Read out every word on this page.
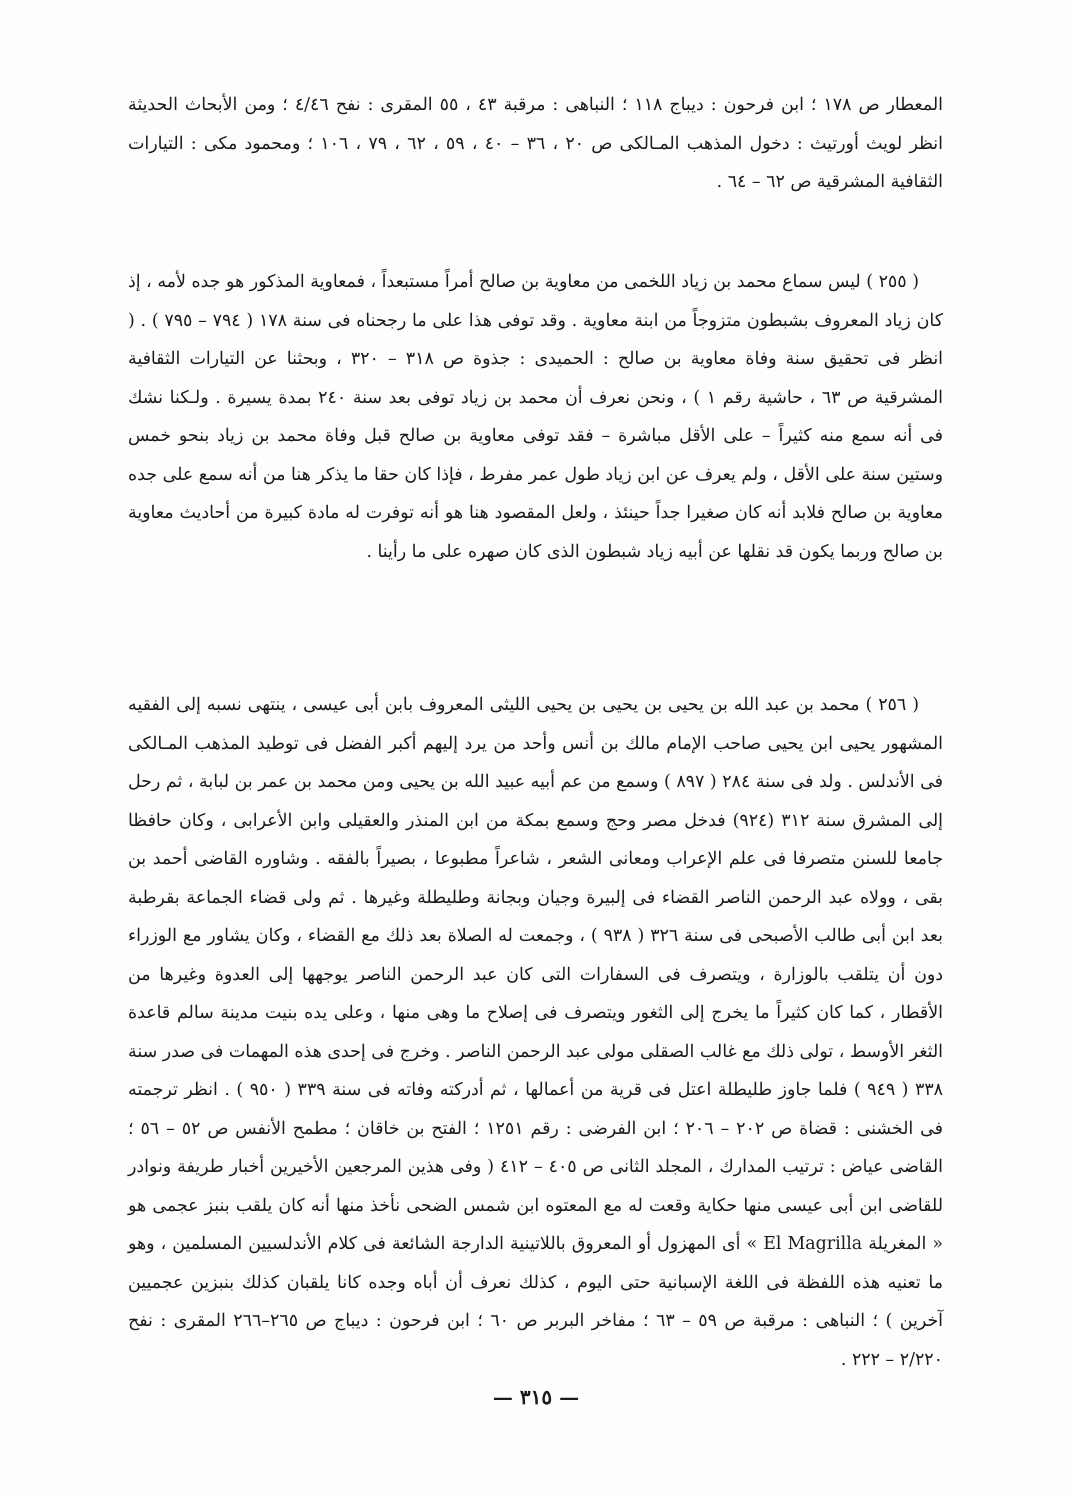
المعطار ص ١٧٨ ؛ ابن فرحون : ديباج ١١٨ ؛ النباهى : مرقبة ٤٣ ، ٥٥ المقرى : نفح ٤/٤٦ ؛ ومن الأبحاث الحديثة انظر لويث أورتيث : دخول المذهب المـالكى ص ٢٠ ، ٣٦ – ٤٠ ، ٥٩ ، ٦٢ ، ٧٩ ، ١٠٦ ؛ ومحمود مكى : التيارات الثقافية المشرقية ص ٦٢ – ٦٤ .

( ٢٥٥ ) ليس سماع محمد بن زياد اللخمى من معاوية بن صالح أمراً مستبعداً ، فمعاوية المذكور هو جده لأمه ، إذ كان زياد المعروف بشبطون متزوجاً من ابنة معاوية . وقد توفى هذا على ما رجحناه فى سنة ١٧٨ ( ٧٩٤ – ٧٩٥ ) . ( انظر فى تحقيق سنة وفاة معاوية بن صالح : الحميدى : جذوة ص ٣١٨ – ٣٢٠ ، وبحثنا عن التيارات الثقافية المشرقية ص ٦٣ ، حاشية رقم ١ ) ، ونحن نعرف أن محمد بن زياد توفى بعد سنة ٢٤٠ بمدة يسيرة . ولـكنا نشك فى أنه سمع منه كثيراً – على الأقل مباشرة – فقد توفى معاوية بن صالح قبل وفاة محمد بن زياد بنحو خمس وستين سنة على الأقل ، ولم يعرف عن ابن زياد طول عمر مفرط ، فإذا كان حقا ما يذكر هنا من أنه سمع على جده معاوية بن صالح فلابد أنه كان صغيرا جداً حينئذ ، ولعل المقصود هنا هو أنه توفرت له مادة كبيرة من أحاديث معاوية بن صالح وربما يكون قد نقلها عن أبيه زياد شبطون الذى كان صهره على ما رأينا .

( ٢٥٦ ) محمد بن عبد الله بن يحيى بن يحيى بن يحيى الليثى المعروف بابن أبى عيسى ، ينتهى نسبه إلى الفقيه المشهور يحيى ابن يحيى صاحب الإمام مالك بن أنس وأحد من يرد إليهم أكبر الفضل فى توطيد المذهب المـالكى فى الأندلس . ولد فى سنة ٢٨٤ ( ٨٩٧ ) وسمع من عم أبيه عبيد الله بن يحيى ومن محمد بن عمر بن لبابة ، ثم رحل إلى المشرق سنة ٣١٢ (٩٢٤) فدخل مصر وحج وسمع بمكة من ابن المنذر والعقيلى وابن الأعرابى ، وكان حافظا جامعا للسنن متصرفا فى علم الإعراب ومعانى الشعر ، شاعراً مطبوعا ، بصيراً بالفقه . وشاوره القاضى أحمد بن بقى ، وولاه عبد الرحمن الناصر القضاء فى إلبيرة وجيان وبجانة وطليطلة وغيرها . ثم ولى قضاء الجماعة بقرطبة بعد ابن أبى طالب الأصبحى فى سنة ٣٢٦ ( ٩٣٨ ) ، وجمعت له الصلاة بعد ذلك مع القضاء ، وكان يشاور مع الوزراء دون أن يتلقب بالوزارة ، ويتصرف فى السفارات التى كان عبد الرحمن الناصر يوجهها إلى العدوة وغيرها من الأقطار ، كما كان كثيراً ما يخرج إلى الثغور ويتصرف فى إصلاح ما وهى منها ، وعلى يده بنيت مدينة سالم قاعدة الثغر الأوسط ، تولى ذلك مع غالب الصقلى مولى عبد الرحمن الناصر . وخرج فى إحدى هذه المهمات فى صدر سنة ٣٣٨ ( ٩٤٩ ) فلما جاوز طليطلة اعتل فى قرية من أعمالها ، ثم أدركته وفاته فى سنة ٣٣٩ ( ٩٥٠ ) . انظر ترجمته فى الخشنى : قضاة ص ٢٠٢ – ٢٠٦ ؛ ابن الفرضى : رقم ١٢٥١ ؛ الفتح بن خاقان ؛ مطمح الأنفس ص ٥٢ – ٥٦ ؛ القاضى عياض : ترتيب المدارك ، المجلد الثانى ص ٤٠٥ – ٤١٢ ( وفى هذين المرجعين الأخيرين أخبار طريفة ونوادر للقاضى ابن أبى عيسى منها حكاية وقعت له مع المعتوه ابن شمس الضحى نأخذ منها أنه كان يلقب بنبز عجمى هو « المغريلة El Magrilla » أى المهزول أو المعروق باللاتينية الدارجة الشائعة فى كلام الأندلسيين المسلمين ، وهو ما تعنيه هذه اللفظة فى اللغة الإسبانية حتى اليوم ، كذلك نعرف أن أباه وجده كانا يلقبان كذلك بنبزين عجميين آخرين ) ؛ النباهى : مرقبة ص ٥٩ – ٦٣ ؛ مفاخر البربر ص ٦٠ ؛ ابن فرحون : ديباج ص ٢٦٥–٢٦٦ المقرى : نفح ٢/٢٢٠ – ٢٢٢ .

— ٣١٥ —
